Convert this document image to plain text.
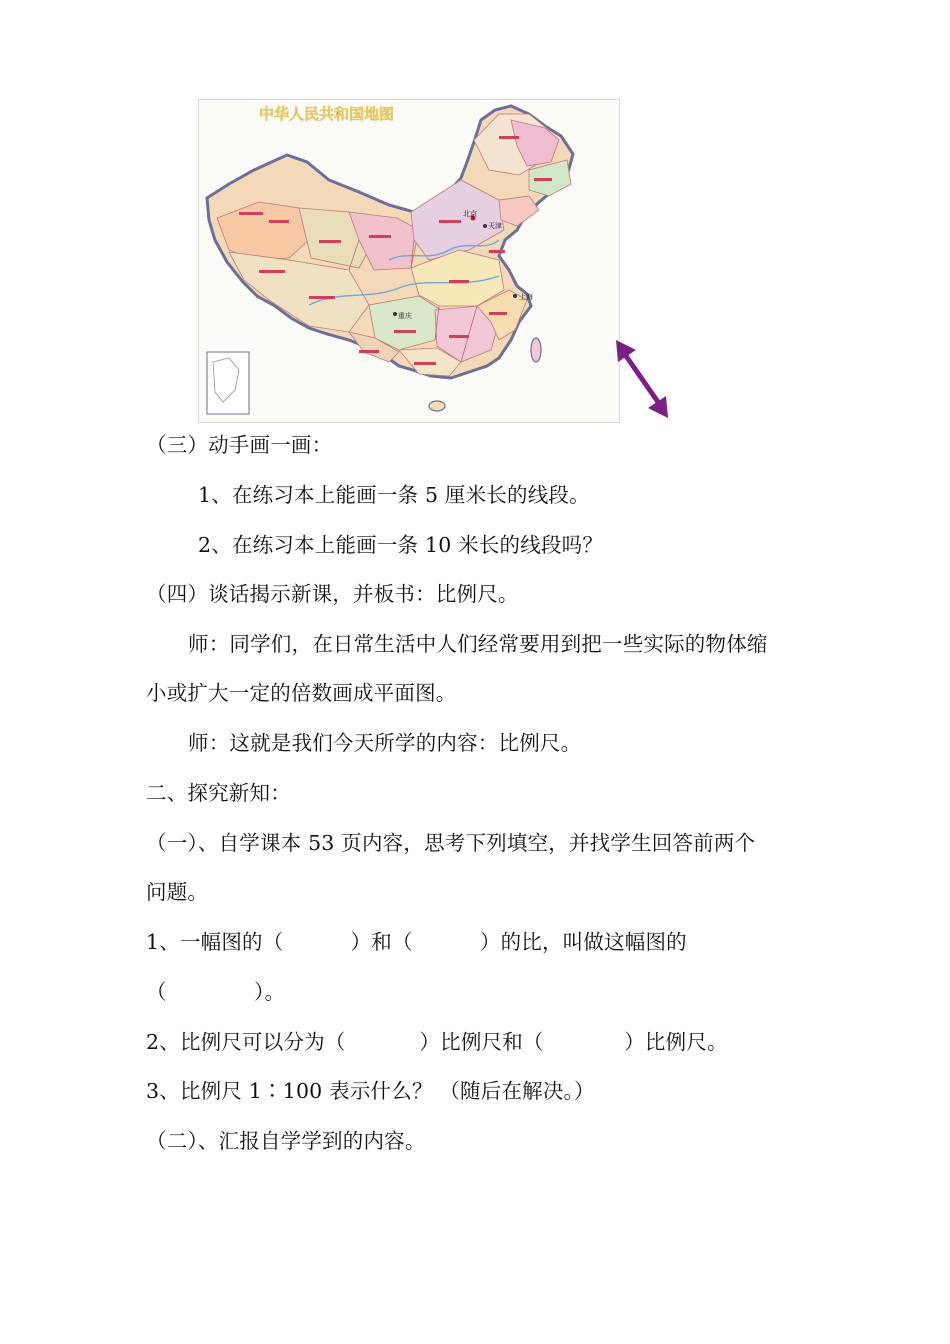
中华人民共和国地图
北京
天津
上海
重庆
（三）动手画一画：
1、在练习本上能画一条 5 厘米长的线段。
2、在练习本上能画一条 10 米长的线段吗？
（四）谈话揭示新课，并板书：比例尺。
师：同学们，在日常生活中人们经常要用到把一些实际的物体缩
小或扩大一定的倍数画成平面图。
师：这就是我们今天所学的内容：比例尺。
二、探究新知：
（一）、自学课本 53 页内容，思考下列填空，并找学生回答前两个
问题。
1、一幅图的（          ）和（          ）的比，叫做这幅图的
（             ）。
2、比例尺可以分为（           ）比例尺和（            ）比例尺。
3、比例尺 1∶100 表示什么？ （随后在解决。）
（二）、汇报自学学到的内容。
